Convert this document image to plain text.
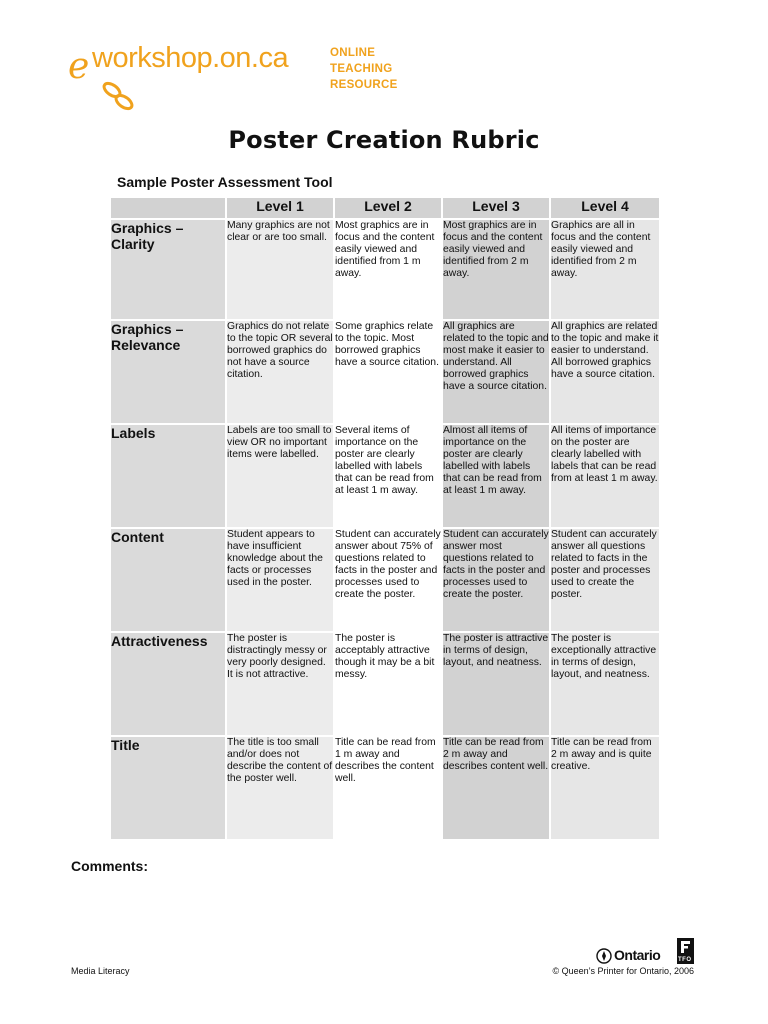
e workshop.on.ca	ONLINE
TEACHING
RESOURCE
Poster Creation Rubric
Sample Poster Assessment Tool
	Level 1	Level 2	Level 3	Level 4
Graphics – Clarity	Many graphics are not clear or are too small.	Most graphics are in focus and the content easily viewed and identified from 1 m away.	Most graphics are in focus and the content easily viewed and identified from 2 m away.	Graphics are all in focus and the content easily viewed and identified from 2 m away.
Graphics – Relevance	Graphics do not relate to the topic OR several borrowed graphics do not have a source citation.	Some graphics relate to the topic. Most borrowed graphics have a source citation.	All graphics are related to the topic and most make it easier to understand. All borrowed graphics have a source citation.	All graphics are related to the topic and make it easier to understand. All borrowed graphics have a source citation.
Labels	Labels are too small to view OR no important items were labelled.	Several items of importance on the poster are clearly labelled with labels that can be read from at least 1 m away.	Almost all items of importance on the poster are clearly labelled with labels that can be read from at least 1 m away.	All items of importance on the poster are clearly labelled with labels that can be read from at least 1 m away.
Content	Student appears to have insufficient knowledge about the facts or processes used in the poster.	Student can accurately answer about 75% of questions related to facts in the poster and processes used to create the poster.	Student can accurately answer most questions related to facts in the poster and processes used to create the poster.	Student can accurately answer all questions related to facts in the poster and processes used to create the poster.
Attractiveness	The poster is distractingly messy or very poorly designed. It is not attractive.	The poster is acceptably attractive though it may be a bit messy.	The poster is attractive in terms of design, layout, and neatness.	The poster is exceptionally attractive in terms of design, layout, and neatness.
Title	The title is too small and/or does not describe the content of the poster well.	Title can be read from 1 m away and describes the content well.	Title can be read from 2 m away and describes content well.	Title can be read from 2 m away and is quite creative.
Comments:
Media Literacy
Ontario	TFO
© Queen’s Printer for Ontario, 2006
